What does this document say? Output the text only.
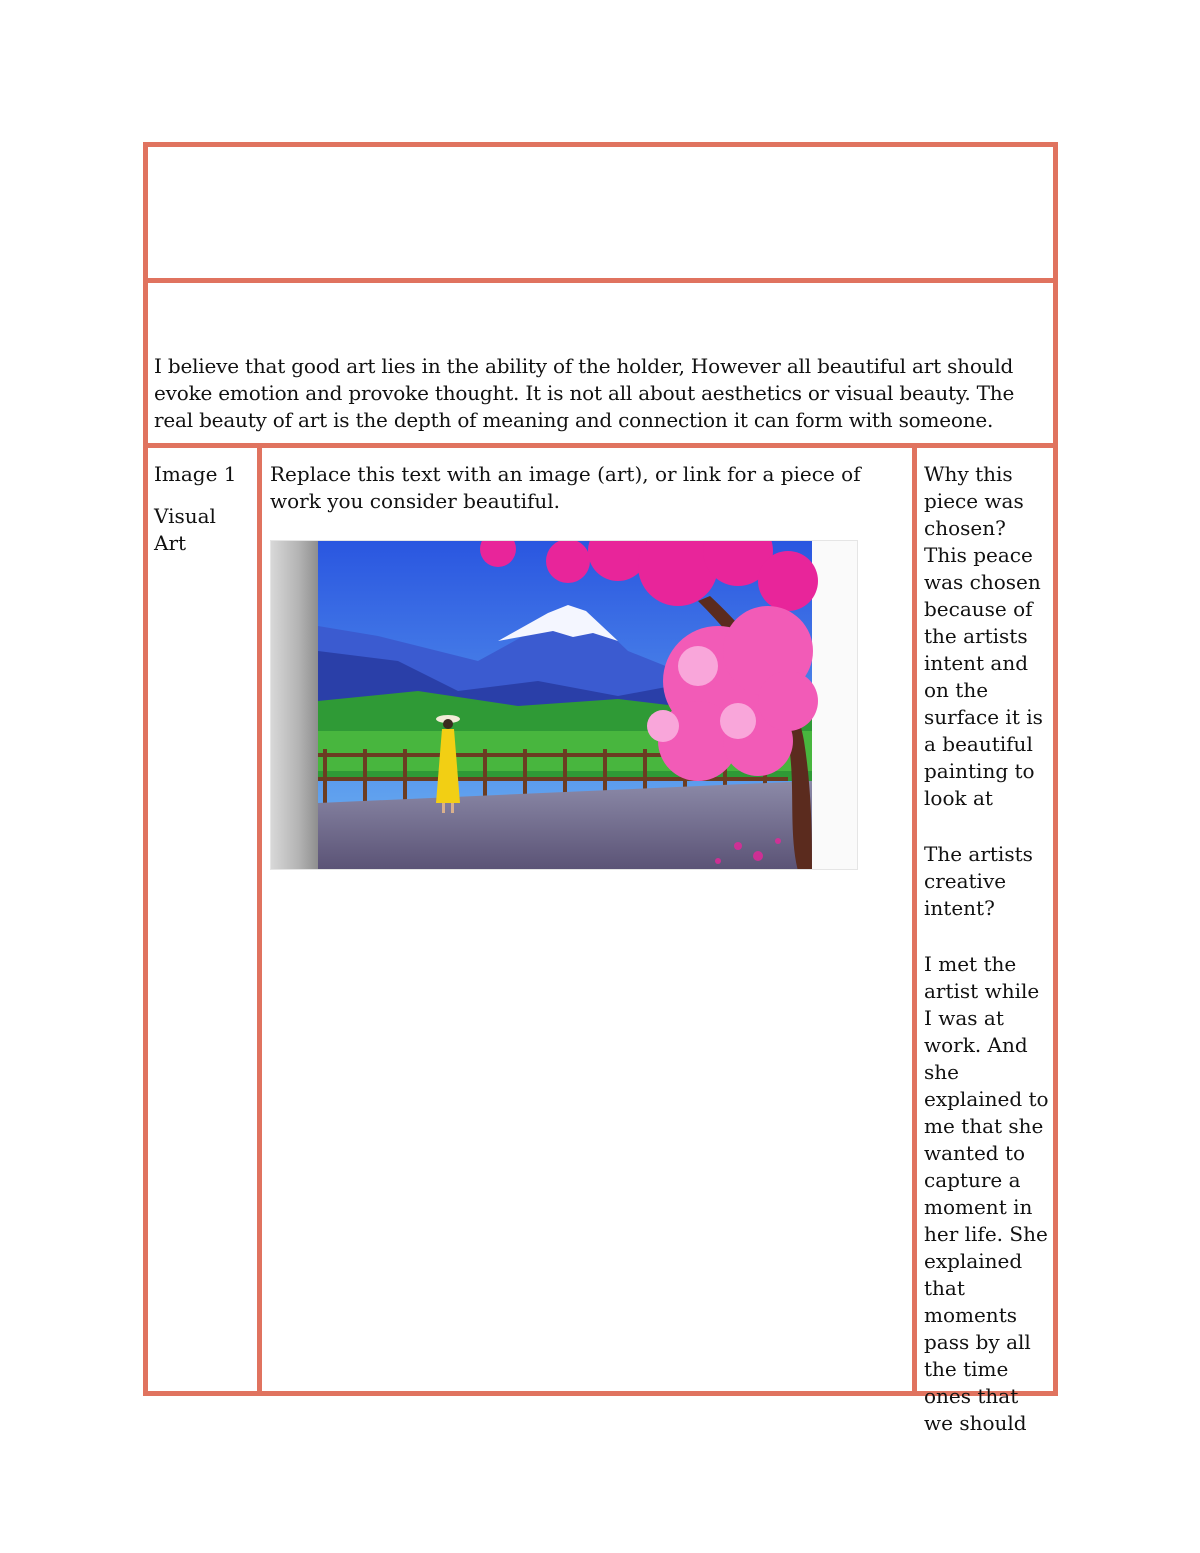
I believe that good art lies in the ability of the holder, However all beautiful art should evoke emotion and provoke thought. It is not all about aesthetics or visual beauty. The real beauty of art is the depth of meaning and connection it can form with someone.

Image 1

Visual Art

Replace this text with an image (art), or link for a piece of work you consider beautiful.

Why this piece was chosen? This peace was chosen because of the artists intent and on the surface it is a beautiful painting to look at

The artists creative intent?

I met the artist while I was at work. And she explained to me that she wanted to capture a moment in her life. She explained that moments pass by all the time ones that we should
